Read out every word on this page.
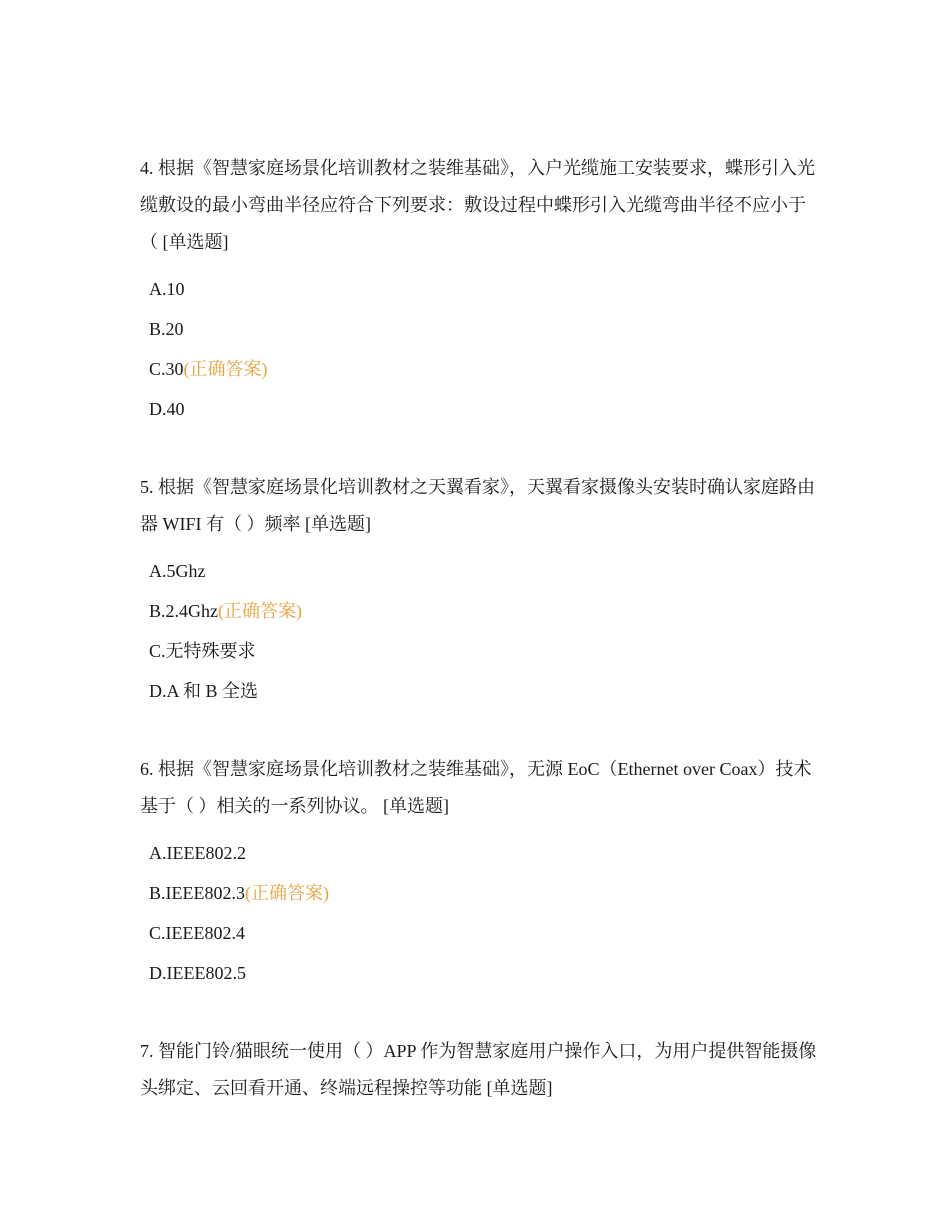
4. 根据《智慧家庭场景化培训教材之装维基础》，入户光缆施工安装要求，蝶形引入光缆敷设的最小弯曲半径应符合下列要求：敷设过程中蝶形引入光缆弯曲半径不应小于（ [单选题]

A.10
B.20
C.30(正确答案)
D.40

5. 根据《智慧家庭场景化培训教材之天翼看家》，天翼看家摄像头安装时确认家庭路由器 WIFI 有（ ）频率 [单选题]

A.5Ghz
B.2.4Ghz(正确答案)
C.无特殊要求
D.A 和 B 全选

6. 根据《智慧家庭场景化培训教材之装维基础》，无源 EoC（Ethernet over Coax）技术基于（ ）相关的一系列协议。 [单选题]

A.IEEE802.2
B.IEEE802.3(正确答案)
C.IEEE802.4
D.IEEE802.5

7. 智能门铃/猫眼统一使用（ ）APP 作为智慧家庭用户操作入口，为用户提供智能摄像头绑定、云回看开通、终端远程操控等功能 [单选题]
